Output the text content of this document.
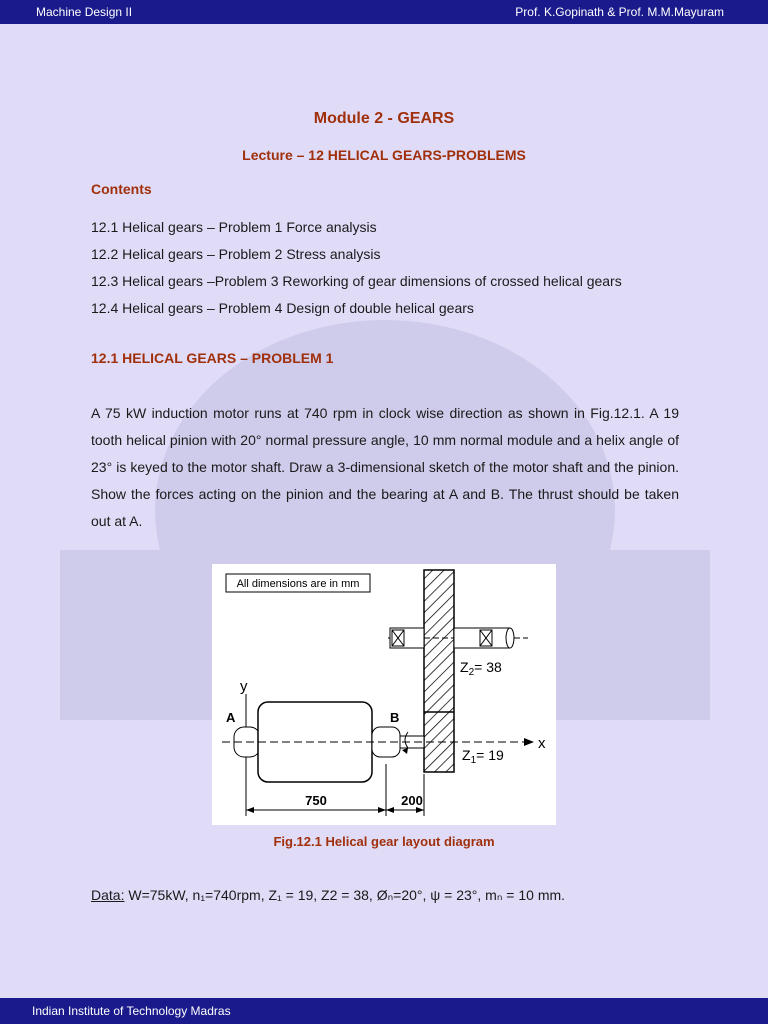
Machine Design II	Prof. K.Gopinath & Prof. M.M.Mayuram
Module 2 - GEARS
Lecture – 12 HELICAL GEARS-PROBLEMS
Contents
12.1 Helical gears – Problem 1 Force analysis
12.2 Helical gears – Problem 2 Stress analysis
12.3 Helical gears –Problem 3 Reworking of gear dimensions of crossed helical gears
12.4 Helical gears – Problem 4 Design of double helical gears
12.1 HELICAL GEARS – PROBLEM 1

A 75 kW induction motor runs at 740 rpm in clock wise direction as shown in Fig.12.1. A 19 tooth helical pinion with 20° normal pressure angle, 10 mm normal module and a helix angle of 23° is keyed to the motor shaft. Draw a 3-dimensional sketch of the motor shaft and the pinion. Show the forces acting on the pinion and the bearing at A and B. The thrust should be taken out at A.

All dimensions are in mm
$Z_2= 38$
x
y
A	B
$Z_1= 19$
750	200
Fig.12.1 Helical gear layout diagram
Data: W=75kW, n₁=740rpm, Z₁ = 19, Z2 = 38, Øₙ=20°, ψ = 23°, mₙ = 10 mm.
Indian Institute of Technology Madras
